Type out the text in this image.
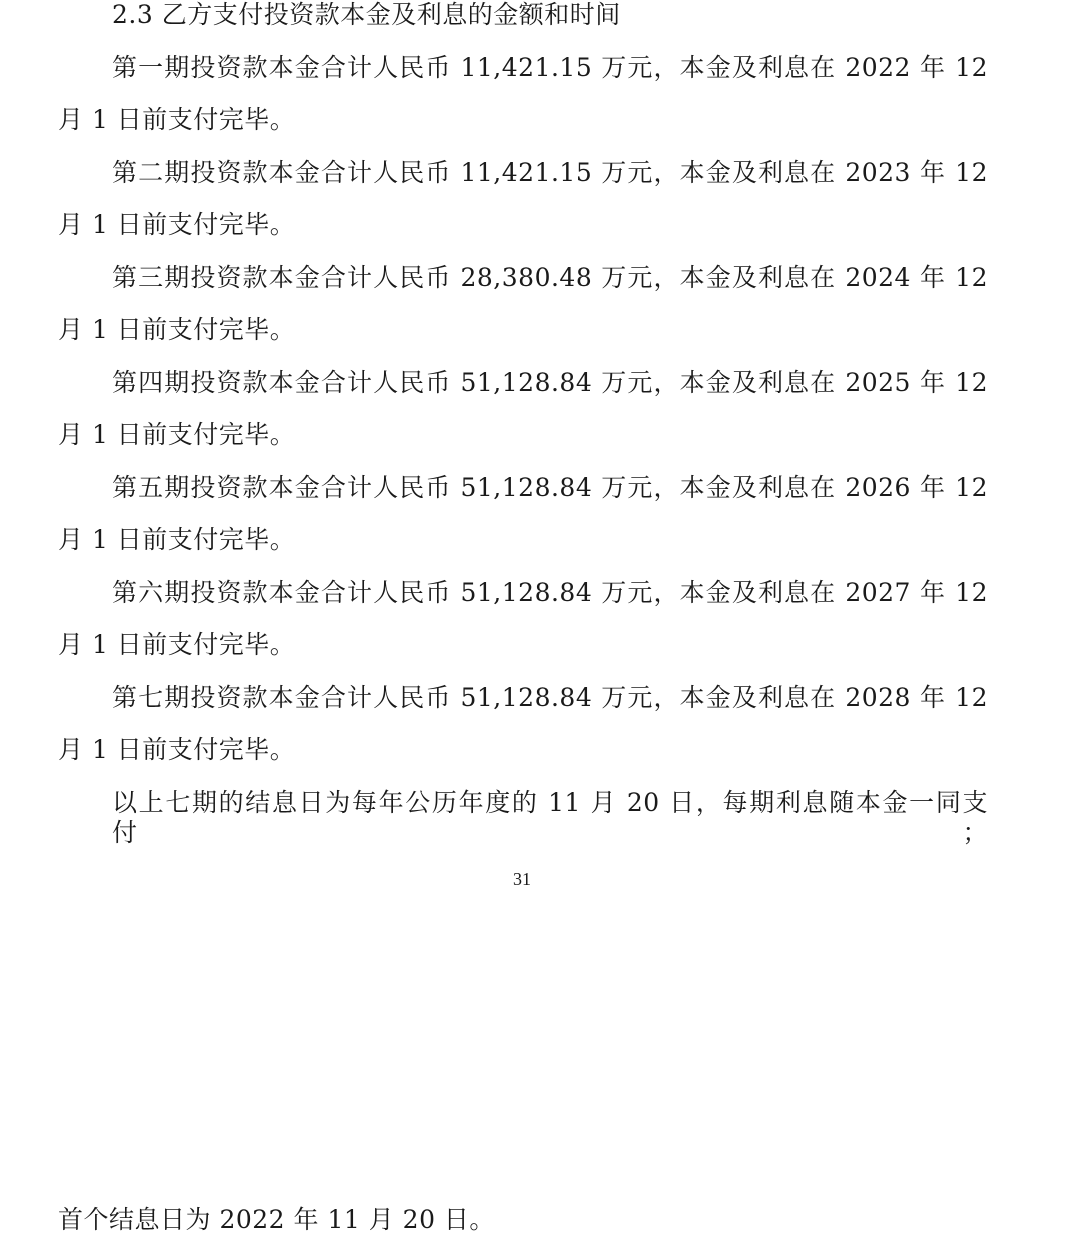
2.3 乙方支付投资款本金及利息的金额和时间
第一期投资款本金合计人民币 11,421.15 万元，本金及利息在 2022 年 12
月 1 日前支付完毕。
第二期投资款本金合计人民币 11,421.15 万元，本金及利息在 2023 年 12
月 1 日前支付完毕。
第三期投资款本金合计人民币 28,380.48 万元，本金及利息在 2024 年 12
月 1 日前支付完毕。
第四期投资款本金合计人民币 51,128.84 万元，本金及利息在 2025 年 12
月 1 日前支付完毕。
第五期投资款本金合计人民币 51,128.84 万元，本金及利息在 2026 年 12
月 1 日前支付完毕。
第六期投资款本金合计人民币 51,128.84 万元，本金及利息在 2027 年 12
月 1 日前支付完毕。
第七期投资款本金合计人民币 51,128.84 万元，本金及利息在 2028 年 12
月 1 日前支付完毕。
以上七期的结息日为每年公历年度的 11 月 20 日，每期利息随本金一同支付；
31
首个结息日为 2022 年 11 月 20 日。
